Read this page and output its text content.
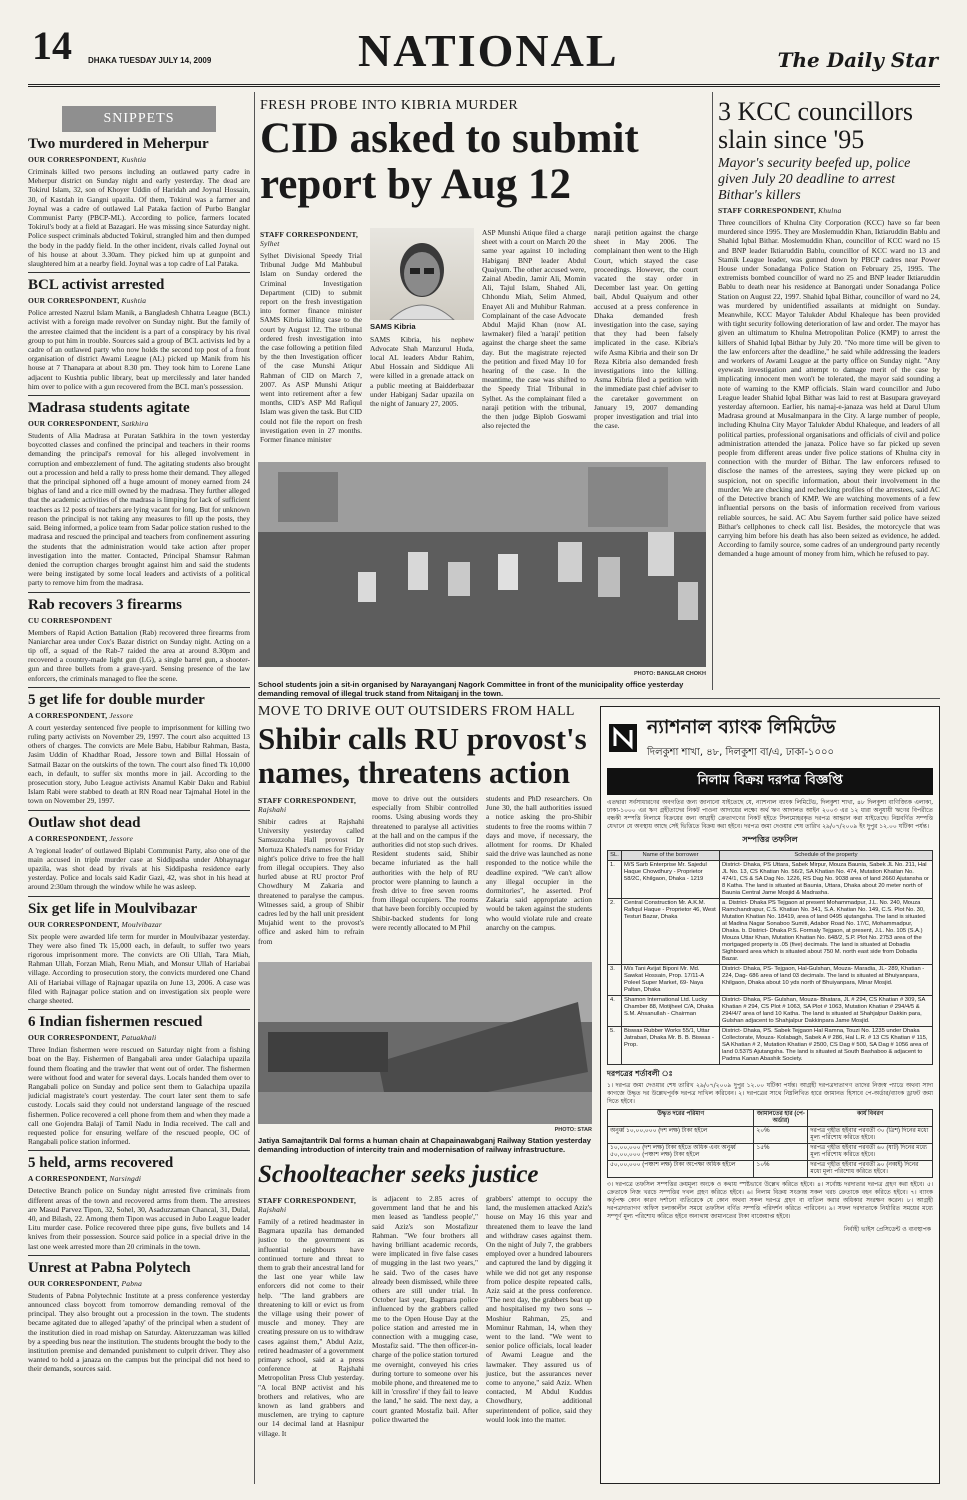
14 DHAKA TUESDAY JULY 14, 2009	NATIONAL	The Daily Star
SNIPPETS
Two murdered in Meherpur
OUR CORRESPONDENT, Kushtia
Criminals killed two persons including an outlawed party cadre in Meherpur district on Sunday night and early yesterday. The dead are Tokirul Islam, 32, son of Khoyer Uddin of Haridah and Joynal Hossain, 30, of Kastdah in Gangni upazila. Of them, Tokirul was a farmer and Joynal was a cadre of outlawed Lal Pataka faction of Purbo Banglar Communist Party (PBCP-ML). According to police, farmers located Tokirul's body at a field at Bazagari. He was missing since Saturday night. Police suspect criminals abducted Tokirul, strangled him and then dumped the body in the paddy field. In the other incident, rivals called Joynal out of his house at about 3.30am. They picked him up at gunpoint and slaughtered him at a nearby field. Joynal was a top cadre of Lal Pataka.
BCL activist arrested
OUR CORRESPONDENT, Kushtia
Police arrested Nazrul Islam Manik, a Bangladesh Chhatra League (BCL) activist with a foreign made revolver on Sunday night. But the family of the arrestee claimed that the incident is a part of a conspiracy by his rival group to put him in trouble. Sources said a group of BCL activists led by a cadre of an outlawed party who now holds the second top post of a front organisation of district Awami League (AL) picked up Manik from his house at 7 Thanapara at about 8.30 pm. They took him to Lorene Lane adjacent to Kushtia public library, beat up mercilessly and later handed him over to police with a gun recovered from the BCL man's possession.
Madrasa students agitate
OUR CORRESPONDENT, Satkhira
Students of Alia Madrasa at Puratan Satkhira in the town yesterday boycotted classes and confined the principal and teachers in their rooms demanding the principal's removal for his alleged involvement in corruption and embezzlement of fund. The agitating students also brought out a procession and held a rally to press home their demand. They alleged that the principal siphoned off a huge amount of money earned from 24 bighas of land and a rice mill owned by the madrasa. They further alleged that the academic activities of the madrasa is limping for lack of sufficient teachers as 12 posts of teachers are lying vacant for long. But for unknown reason the principal is not taking any measures to fill up the posts, they said. Being informed, a police team from Sadar police station rushed to the madrasa and rescued the principal and teachers from confinement assuring the students that the administration would take action after proper investigation into the matter. Contacted, Principal Shamsur Rahman denied the corruption charges brought against him and said the students were being instigated by some local leaders and activists of a political party to remove him from the madrasa.
Rab recovers 3 firearms
CU CORRESPONDENT
Members of Rapid Action Battalion (Rab) recovered three firearms from Naniarchar area under Cox's Bazar district on Sunday night. Acting on a tip off, a squad of the Rab-7 raided the area at around 8.30pm and recovered a country-made light gun (LG), a single barrel gun, a shooter-gun and three bullets from a grave-yard. Sensing presence of the law enforcers, the criminals managed to flee the scene.
5 get life for double murder
A CORRESPONDENT, Jessore
A court yesterday sentenced five people to imprisonment for killing two ruling party activists on November 29, 1997. The court also acquitted 13 others of charges. The convicts are Mele Babu, Habibur Rahman, Basta, Jasim Uddin of Khadthar Road, Jessore town and Billal Hossain of Satmail Bazar on the outskirts of the town. The court also fined Tk 10,000 each, in default, to suffer six months more in jail. According to the prosecution story, Jubo League activists Anamul Kabir Daku and Rabiul Islam Rabi were stabbed to death at RN Road near Tajmahal Hotel in the town on November 29, 1997.
Outlaw shot dead
A CORRESPONDENT, Jessore
A 'regional leader' of outlawed Biplabi Communist Party, also one of the main accused in triple murder case at Siddipasha under Abhaynagar upazila, was shot dead by rivals at his Siddipasha residence early yesterday. Police and locals said Kadir Gazi, 42, was shot in his head at around 2:30am through the window while he was asleep.
Six get life in Moulvibazar
OUR CORRESPONDENT, Moulvibazar
Six people were awarded life term for murder in Moulvibazar yesterday. They were also fined Tk 15,000 each, in default, to suffer two years rigorous imprisonment more. The convicts are Oli Ullah, Tara Miah, Rahman Ullah, Forzan Miah, Renu Miah, and Monsur Ullah of Hariabai village. According to prosecution story, the convicts murdered one Chand Ali of Hariabai village of Rajnagar upazila on June 13, 2006. A case was filed with Rajnagar police station and on investigation six people were charge sheeted.
6 Indian fishermen rescued
OUR CORRESPONDENT, Patuakhali
Three Indian fishermen were rescued on Saturday night from a fishing boat on the Bay. Fishermen of Bangabali area under Galachipa upazila found them floating and the trawler that went out of order. The fishermen were without food and water for several days. Locals handed them over to Rangabali police on Sunday and police sent them to Galachipa upazila judicial magistrate's court yesterday. The court later sent them to safe custody. Locals said they could not understand language of the rescued fishermen. Police recovered a cell phone from them and when they made a call one Gojendra Balaji of Tamil Nadu in India received. The call and requested police for ensuring welfare of the rescued people, OC of Rangabali police station informed.
5 held, arms recovered
A CORRESPONDENT, Narsingdi
Detective Branch police on Sunday night arrested five criminals from different areas of the town and recovered arms from them. The arrestees are Masud Parvez Tipon, 32, Sohel, 30, Asaduzzaman Chancal, 31, Dulal, 40, and Bilash, 22. Among them Tipon was accused in Jubo League leader Litu murder case. Police recovered three pipe guns, five bullets and 14 knives from their possession. Source said police in a special drive in the last one week arrested more than 20 criminals in the town.
Unrest at Pabna Polytech
OUR CORRESPONDENT, Pabna
Students of Pabna Polytechnic Institute at a press conference yesterday announced class boycott from tomorrow demanding removal of the principal. They also brought out a procession in the town. The students became agitated due to alleged 'apathy' of the principal when a student of the institution died in road mishap on Saturday. Akteruzzaman was killed by a speeding bus near the institution. The students brought the body to the institution premise and demanded punishment to culprit driver. They also wanted to hold a janaza on the campus but the principal did not heed to their demands, sources said.
FRESH PROBE INTO KIBRIA MURDER
CID asked to submit report by Aug 12
STAFF CORRESPONDENT,
Sylhet
Sylhet Divisional Speedy Trial Tribunal Judge Md Mahbubul Islam on Sunday ordered the Criminal Investigation Department (CID) to submit report on the fresh investigation into former finance minister SAMS Kibria killing case to the court by August 12. The tribunal ordered fresh investigation into the case following a petition filed by the then Investigation officer of the case Munshi Atiqur Rahman of CID on March 7, 2007. As ASP Munshi Atiqur went into retirement after a few months, CID's ASP Md Rafiqul Islam was given the task. But CID could not file the report on fresh investigation even in 27 months. Former finance minister
SAMS Kibria
SAMS Kibria, his nephew Advocate Shah Manzurul Huda, local AL leaders Abdur Rahim, Abul Hossain and Siddique Ali were killed in a grenade attack on a public meeting at Baidderbazar under Habiganj Sadar upazila on the night of January 27, 2005.
ASP Munshi Atique filed a charge sheet with a court on March 20 the same year against 10 including Habiganj BNP leader Abdul Quaiyum. The other accused were, Zainal Abedin, Jamir Ali, Momin Ali, Tajul Islam, Shahed Ali, Chhondu Miah, Selim Ahmed, Enayet Ali and Muhibur Rahman. Complainant of the case Advocate Abdul Majid Khan (now AL lawmaker) filed a 'naraji' petition against the charge sheet the same day. But the magistrate rejected the petition and fixed May 10 for hearing of the case. In the meantime, the case was shifted to the Speedy Trial Tribunal in Sylhet. As the complainant filed a naraji petition with the tribunal, the then judge Biplob Goswami also rejected the
naraji petition against the charge sheet in May 2006. The complainant then went to the High Court, which stayed the case proceedings. However, the court vacated the stay order in December last year. On getting bail, Abdul Quaiyum and other accused at a press conference in Dhaka demanded fresh investigation into the case, saying that they had been falsely implicated in the case. Kibria's wife Asma Kibria and their son Dr Reza Kibria also demanded fresh investigations into the killing. Asma Kibria filed a petition with the immediate past chief adviser to the caretaker government on January 19, 2007 demanding proper investigation and trial into the case.
PHOTO: BANGLAR CHOKH
School students join a sit-in organised by Narayanganj Nagork Committee in front of the municipality office yesterday demanding removal of illegal truck stand from Nitaiganj in the town.
3 KCC councillors slain since '95
Mayor's security beefed up, police given July 20 deadline to arrest Bithar's killers
STAFF CORRESPONDENT, Khulna
Three councillors of Khulna City Corporation (KCC) have so far been murdered since 1995. They are Moslemuddin Khan, Iktiaruddin Bablu and Shahid Iqbal Bithar. Moslemuddin Khan, councillor of KCC ward no 15 and BNP leader Iktiaruddin Bablu, councillor of KCC ward no 13 and Stamik League leader, was gunned down by PBCP cadres near Power House under Sonadanga Police Station on February 25, 1995. The extremists bombed councillor of ward no 25 and BNP leader Iktiaruddin Bablu to death near his residence at Banorgati under Sonadanga Police Station on August 22, 1997. Shahid Iqbal Bithar, councillor of ward no 24, was murdered by unidentified assailants at midnight on Sunday. Meanwhile, KCC Mayor Talukder Abdul Khaleque has been provided with tight security following deterioration of law and order. The mayor has given an ultimatum to Khulna Metropolitan Police (KMP) to arrest the killers of Shahid Iqbal Bithar by July 20. "No more time will be given to the law enforcers after the deadline," he said while addressing the leaders and workers of Awami League at the party office on Sunday night. "Any eyewash investigation and attempt to damage merit of the case by implicating innocent men won't be tolerated, the mayor said sounding a note of warning to the KMP officials. Slain ward councillor and Jubo League leader Shahid Iqbal Bithar was laid to rest at Basupara graveyard yesterday afternoon. Earlier, his namaj-e-janaza was held at Darul Ulum Madrasa ground at Musalmanpara in the City. A large number of people, including Khulna City Mayor Talukder Abdul Khaleque, and leaders of all political parties, professional organisations and officials of civil and police administration attended the janaza. Police have so far picked up seven people from different areas under five police stations of Khulna city in connection with the murder of Bithar. The law enforcers refused to disclose the names of the arrestees, saying they were picked up on suspicion, not on specific information, about their involvement in the murder. We are checking and rechecking profiles of the arrestees, said AC of the Detective branch of KMP. We are watching movements of a few influential persons on the basis of information received from various reliable sources, he said. AC Abu Sayem further said police have seized Bithar's cellphones to check call list. Besides, the motorcycle that was carrying him before his death has also been seized as evidence, he added. According to family source, some cadres of an underground party recently demanded a huge amount of money from him, which he refused to pay.
MOVE TO DRIVE OUT OUTSIDERS FROM HALL
Shibir calls RU provost's names, threatens action
STAFF CORRESPONDENT,
Rajshahi
Shibir cadres at Rajshahi University yesterday called Samsuzzoha Hall provost Dr Mortuza Khaled's names for Friday night's police drive to free the hall from illegal occupiers. They also hurled abuse at RU proctor Prof Chowdhury M Zakaria and threatened to paralyse the campus. Witnesses said, a group of Shibir cadres led by the hall unit president Mujahid went to the provost's office and asked him to refrain from
move to drive out the outsiders especially from Shibir controlled rooms. Using abusing words they threatened to paralyse all activities at the hall and on the campus if the authorities did not stop such drives. Resident students said, Shibir became infuriated as the hall authorities with the help of RU proctor were planning to launch a fresh drive to free seven rooms from illegal occupiers. The rooms that have been forcibly occupied by Shibir-backed students for long were recently allocated to M Phil
students and PhD researchers. On June 30, the hall authorities issued a notice asking the pro-Shibir students to free the rooms within 7 days and move, if necessary, the allotment for rooms. Dr Khaled said the drive was launched as none responded to the notice while the deadline expired. "We can't allow any illegal occupier in the dormitories", he asserted. Prof Zakaria said appropriate action would be taken against the students who would violate rule and create anarchy on the campus.
PHOTO: STAR
Jatiya Samajtantrik Dal forms a human chain at Chapainawabganj Railway Station yesterday demanding introduction of intercity train and modernisation of railway infrastructure.
Schoolteacher seeks justice
STAFF CORRESPONDENT,
Rajshahi
Family of a retired headmaster in Bagmara upazila has demanded justice to the government as influential neighbours have continued torture and threat to them to grab their ancestral land for the last one year while law enforcers did not come to their help. "The land grabbers are threatening to kill or evict us from the village using their power of muscle and money. They are creating pressure on us to withdraw cases against them," Abdul Aziz, retired headmaster of a government primary school, said at a press conference at Rajshahi Metropolitan Press Club yesterday. "A local BNP activist and his brothers and relatives, who are known as land grabbers and musclemen, are trying to capture our 14 decimal land at Hasnipur village. It
is adjacent to 2.85 acres of government land that he and his men leased as 'landless people'," said Aziz's son Mostafizur Rahman. "We four brothers all having brilliant academic records, were implicated in five false cases of mugging in the last two years," he said. Two of the cases have already been dismissed, while three others are still under trial. In October last year, Bagmara police influenced by the grabbers called me to the Open House Day at the police station and arrested me in connection with a mugging case, Mostafiz said. "The then officer-in-charge of the police station tortured me overnight, conveyed his cries during torture to someone over his mobile phone, and threatened me to kill in 'crossfire' if they fail to leave the land," he said. The next day, a court granted Mostafiz bail. After police thwarted the
grabbers' attempt to occupy the land, the muslemen attacked Aziz's house on May 16 this year and threatened them to leave the land and withdraw cases against them. On the night of July 7, the grabbers employed over a hundred labourers and captured the land by digging it while we did not get any response from police despite repeated calls, Aziz said at the press conference. "The next day, the grabbers beat up and hospitalised my two sons -- Moshiur Rahman, 25, and Mominur Rahman, 14, when they went to the land. "We went to senior police officials, local leader of Awami League and the lawmaker. They assured us of justice, but the assurances never come to anyone," said Aziz. When contacted, M Abdul Kuddus Chowdhury, additional superintendent of police, said they would look into the matter.
ন্যাশনাল ব্যাংক লিমিটেড
দিলকুশা শাখা, ৪৮, দিলকুশা বা/এ, ঢাকা-১০০০
নিলাম বিক্রয় দরপত্র বিজ্ঞপ্তি
এতদ্বারা সর্বসাধারণের অবগতির জন্য জানানো যাইতেছে যে, ন্যাশনাল ব্যাংক লিমিটেড, দিলকুশা শাখা, ৪৮ দিলকুশা বাণিজ্যিক এলাকা, ঢাকা-১০০০ এর ঋণ গ্রহীতাদের নিকট পাওনা আদায়ের লক্ষ্যে অর্থ ঋণ আদালত আইন ২০০৩ এর ১২ ধারা অনুযায়ী ঋণের বিপরীতে বন্ধকী সম্পত্তি নিলামে বিক্রয়ের জন্য আগ্রহী ক্রেতাগণের নিকট হইতে সিলমোহরকৃত দরপত্র আহ্বান করা যাইতেছে। নিম্নবর্ণিত সম্পত্তি যেখানে যে অবস্থায় আছে সেই ভিত্তিতে বিক্রয় করা হইবে। দরপত্র জমা দেওয়ার শেষ তারিখ ২৯/০৭/২০০৯ ইং দুপুর ১২.০০ ঘটিকা পর্যন্ত।
সম্পত্তির তফসিল
SL.	Name of the borrower	Schedule of the property
1.	M/S Sarb Enterprise Mr. Sajedul Haque Chowdhury - Proprietor 58/2C, Khilgaon, Dhaka - 1219	District- Dhaka, PS Uttara, Sabek Mirpur, Mouza Baunia, Sabek JL No. 211, Hal JL No. 13, CS Khatian No. 56/2, SA Khatian No. 474, Mutation Khatian No. 474/1, CS & SA Dag No. 1226, RS Dag No. 9038 area of land 2660 Ajutansha or 8 Katha. The land is situated at Baunia, Uttara, Dhaka about 20 meter north of Baunia Central Jame Mosjid & Madrasha.
2.	Central Construction Mr. A.K.M. Rafiqul Haque - Proprietor 46, West Testuri Bazar, Dhaka	a. District- Dhaka PS Tejgaon at present Mohammadpur, J.L. No. 240, Mouza Ramchandrapur, C.S. Khatian No. 341, S.A. Khatian No. 149, C.S. Plot No. 30, Mutation Khatian No. 18419, area of land 0495 ajutangsha. The land is situated at Madina Nagar Sonaboo Sumiti, Adabor Road No. 17/C, Mohammadpur, Dhaka. b. District- Dhaka P.S. Formaly Tejgaon, at present, J.L. No. 105 (S.A.) Mouza Uttar Khan, Mutation Khatian No. 648/2, S.P. Plot No. 2753 area of the mortgaged property is .05 (five) decimals. The land is situated at Dobadia Sighboard area which is situated about 750 M. north east side from Dobadia Bazar.
3.	M/s Tani Avijat Biponi Mr. Md. Sawkat Hossain, Prop. 17/11-A Poleel Super Market, 69- Naya Paltan, Dhaka	District- Dhaka, PS- Tejgaon, Hal-Gulshan, Mouza- Maradia, JL- 289, Khatian - 224, Dag- 686 area of land 03 decimals. The land is situated at Bhuiyanpara, Khilgaon, Dhaka about 10 yds north of Bhuiyanpara, Minar Mosjid.
4.	Shamon International Ltd. Lucky Chamber 88, Motijheel C/A, Dhaka S.M. Ahsanullah - Chairman	District- Dhaka, PS- Gulshan, Mouza- Bhatara, JL # 294, CS Khatian # 309, SA Khatian # 294, CS Plot # 1063, SA Plot # 1063, Mutation Khatian # 294/4/5 & 294/4/7 area of land 10 Katha. The land is situated at Shahjalpur Dakkin para, Gulshan adjacent to Shahjalpur Dakkinpara Jame Mosjid.
5.	Biswas Rubber Works 55/1, Uttar Jatrabari, Dhaka Mr. B. B. Biswas - Prop.	District- Dhaka, PS. Sabek Tejgaon Hal Ramna, Touzi No. 1235 under Dhaka Collectorate, Mouza- Kolabagh, Sabek A # 286, Hal L.R. # 13 CS Khatian # 115, SA Khatian # 2, Mutation Khatian # 2500, CS Dag # 500, SA Dag # 1056 area of land 0.5375 Ajutangsha. The land is situated at South Bashaboo & adjacent to Padma Kanan Abashik Society.
দরপত্রের শর্তাবলী ঃ
১। দরপত্র জমা দেওয়ার শেষ তারিখ ২৯/০৭/২০০৯ দুপুর ১২.০০ ঘটিকা পর্যন্ত। আগ্রহী দরপত্রদাতাগণ তাদের নিজস্ব প্যাডে অথবা সাদা কাগজে উদ্ধৃত দর উল্লেখপূর্বক দরপত্র দাখিল করিবেন। ২। দরপত্রের সাথে নিম্নলিখিত হারে জামানত হিসাবে পে-অর্ডার/ব্যাংক ড্রাফট জমা দিতে হইবে।
উদ্ধৃত দরের পরিমাণ	জামানতের হার (পে-অর্ডার)	কার্য বিবরণ
অনুর্ধ্ব ১০,০০,০০০ (দশ লক্ষ) টাকা হইলে	২০%	দরপত্র গৃহীত হইবার পরবর্তী ৩০ (ত্রিশ) দিনের মধ্যে মূল্য পরিশোধ করিতে হইবে।
১০,০০,০০০ (দশ লক্ষ) টাকা হইতে অধিক এবং অনুর্ধ্ব ৫০,০০,০০০ (পঞ্চাশ লক্ষ) টাকা হইলে	১৫%	দরপত্র গৃহীত হইবার পরবর্তী ৬০ (ষাট) দিনের মধ্যে মূল্য পরিশোধ করিতে হইবে।
৫০,০০,০০০ (পঞ্চাশ লক্ষ) টাকা অপেক্ষা অধিক হইলে	১০%	দরপত্র গৃহীত হইবার পরবর্তী ৯০ (নব্বই) দিনের মধ্যে মূল্য পরিশোধ করিতে হইবে।
৩। দরপত্রে তফসিল সম্পত্তির ক্রয়মূল্য অংকে ও কথায় স্পষ্টভাবে উল্লেখ করিতে হইবে। ৪। সর্বোচ্চ দরদাতার দরপত্র গ্রহণ করা হইবে। ৫। ক্রেতাকে নিজ খরচে সম্পত্তির দখল গ্রহণ করিতে হইবে। ৬। নিলাম বিক্রয় সংক্রান্ত সকল খরচ ক্রেতাকে বহন করিতে হইবে। ৭। ব্যাংক কর্তৃপক্ষ কোন কারণ দর্শানো ব্যতিরেকে যে কোন অথবা সকল দরপত্র গ্রহণ বা বাতিল করার অধিকার সংরক্ষণ করেন। ৮। আগ্রহী দরপত্রদাতাগণ অফিস চলাকালীন সময়ে তফসিল বর্ণিত সম্পত্তি পরিদর্শন করিতে পারিবেন। ৯। সফল দরদাতাকে নির্ধারিত সময়ের মধ্যে সম্পূর্ণ মূল্য পরিশোধ করিতে হইবে অন্যথায় জামানতের টাকা বাজেয়াপ্ত হইবে।
নির্বাহী ভাইস প্রেসিডেন্ট ও ব্যবস্থাপক
